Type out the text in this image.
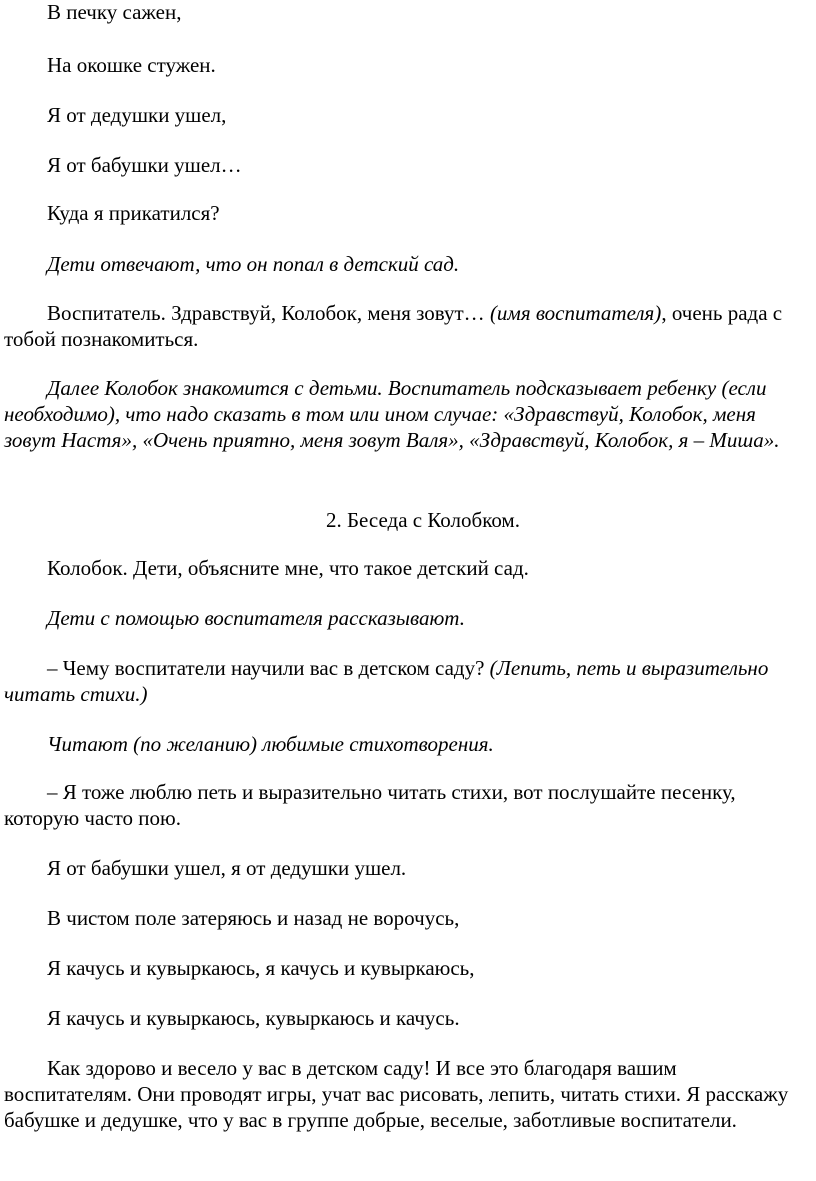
В печку сажен,

На окошке стужен.

Я от дедушки ушел,

Я от бабушки ушел…

Куда я прикатился?

Дети отвечают, что он попал в детский сад.

Воспитатель. Здравствуй, Колобок, меня зовут… (имя воспитателя), очень рада с тобой познакомиться.

Далее Колобок знакомится с детьми. Воспитатель подсказывает ребенку (если необходимо), что надо сказать в том или ином случае: «Здравствуй, Колобок, меня зовут Настя», «Очень приятно, меня зовут Валя», «Здравствуй, Колобок, я – Миша».

2. Беседа с Колобком.

Колобок. Дети, объясните мне, что такое детский сад.

Дети с помощью воспитателя рассказывают.

– Чему воспитатели научили вас в детском саду? (Лепить, петь и выразительно читать стихи.)

Читают (по желанию) любимые стихотворения.

– Я тоже люблю петь и выразительно читать стихи, вот послушайте песенку, которую часто пою.

Я от бабушки ушел, я от дедушки ушел.

В чистом поле затеряюсь и назад не ворочусь,

Я качусь и кувыркаюсь, я качусь и кувыркаюсь,

Я качусь и кувыркаюсь, кувыркаюсь и качусь.

Как здорово и весело у вас в детском саду! И все это благодаря вашим воспитателям. Они проводят игры, учат вас рисовать, лепить, читать стихи. Я расскажу бабушке и дедушке, что у вас в группе добрые, веселые, заботливые воспитатели.
